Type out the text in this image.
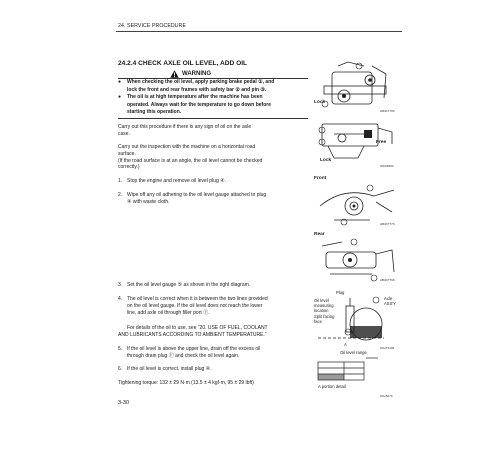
24. SERVICE PROCEDURE
24.2.4 CHECK AXLE OIL LEVEL, ADD OIL
WARNING
● When checking the oil level, apply parking brake pedal ①, and
lock the front and rear frames with safety bar ② and pin ③.
● The oil is at high temperature after the machine has been
operated. Always wait for the temperature to go down before
starting this operation.
Carry out this procedure if there is any sign of oil on the axle
case.
Carry out the inspection with the machine on a horizontal road
surface.
(If the road surface is at an angle, the oil level cannot be checked
correctly.)
1. Stop the engine and remove oil level plug ④.
2. Wipe off any oil adhering to the oil level gauge attached to plug
④ with waste cloth.
3. Set the oil level gauge ⑤ as shown in the right diagram.
4. The oil level is correct when it is between the two lines provided
on the oil level gauge. If the oil level does not reach the lower
line, add axle oil through filler port Ⓕ.
For details of the oil to use, see “20. USE OF FUEL, COOLANT
AND LUBRICANTS ACCORDING TO AMBIENT TEMPERATURE.”
5. If the oil level is above the upper line, drain off the excess oil
through drain plug Ⓕ and check the oil level again.
6. If the oil level is correct, install plug ④.
Tightening torque: 132 ± 29 N·m (13.5 ± 4 kgf·m, 95 ± 29 lbft)
Lock
AB4KT795
Free
Lock
WKD8402
Front
AB4KT776
Rear
AB4KT796
Plug
Axle
ASS'Y
Oil level
measuring
location
Split facing
face
A
A6UT2106
Oil level range
A portion detail
A6U6276
3-30
